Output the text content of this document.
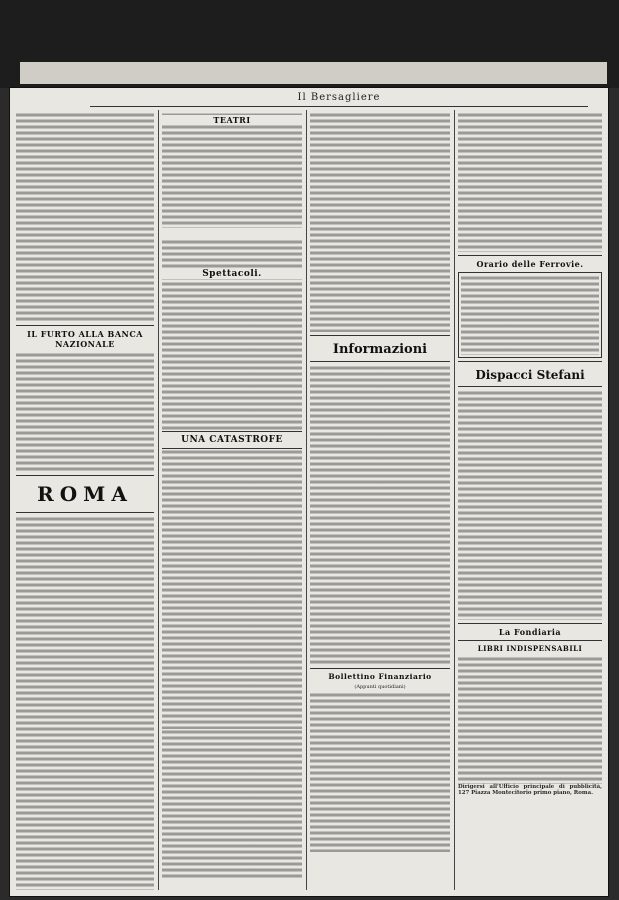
Il Bersagliere
IL FURTO ALLA BANCA NAZIONALE
ROMA

Informazioni
Bollettino Finanziario
(Appunti quotidiani)
Orario delle Ferrovie.
Dispacci Stefani
La Fondiaria
LIBRI INDISPENSABILI
Dirigersi all'Ufficio principale di pubblicità, 127 Piazza Montecitorio primo piano, Roma.
TEATRI
Spettacoli.
UNA CATASTROFE
